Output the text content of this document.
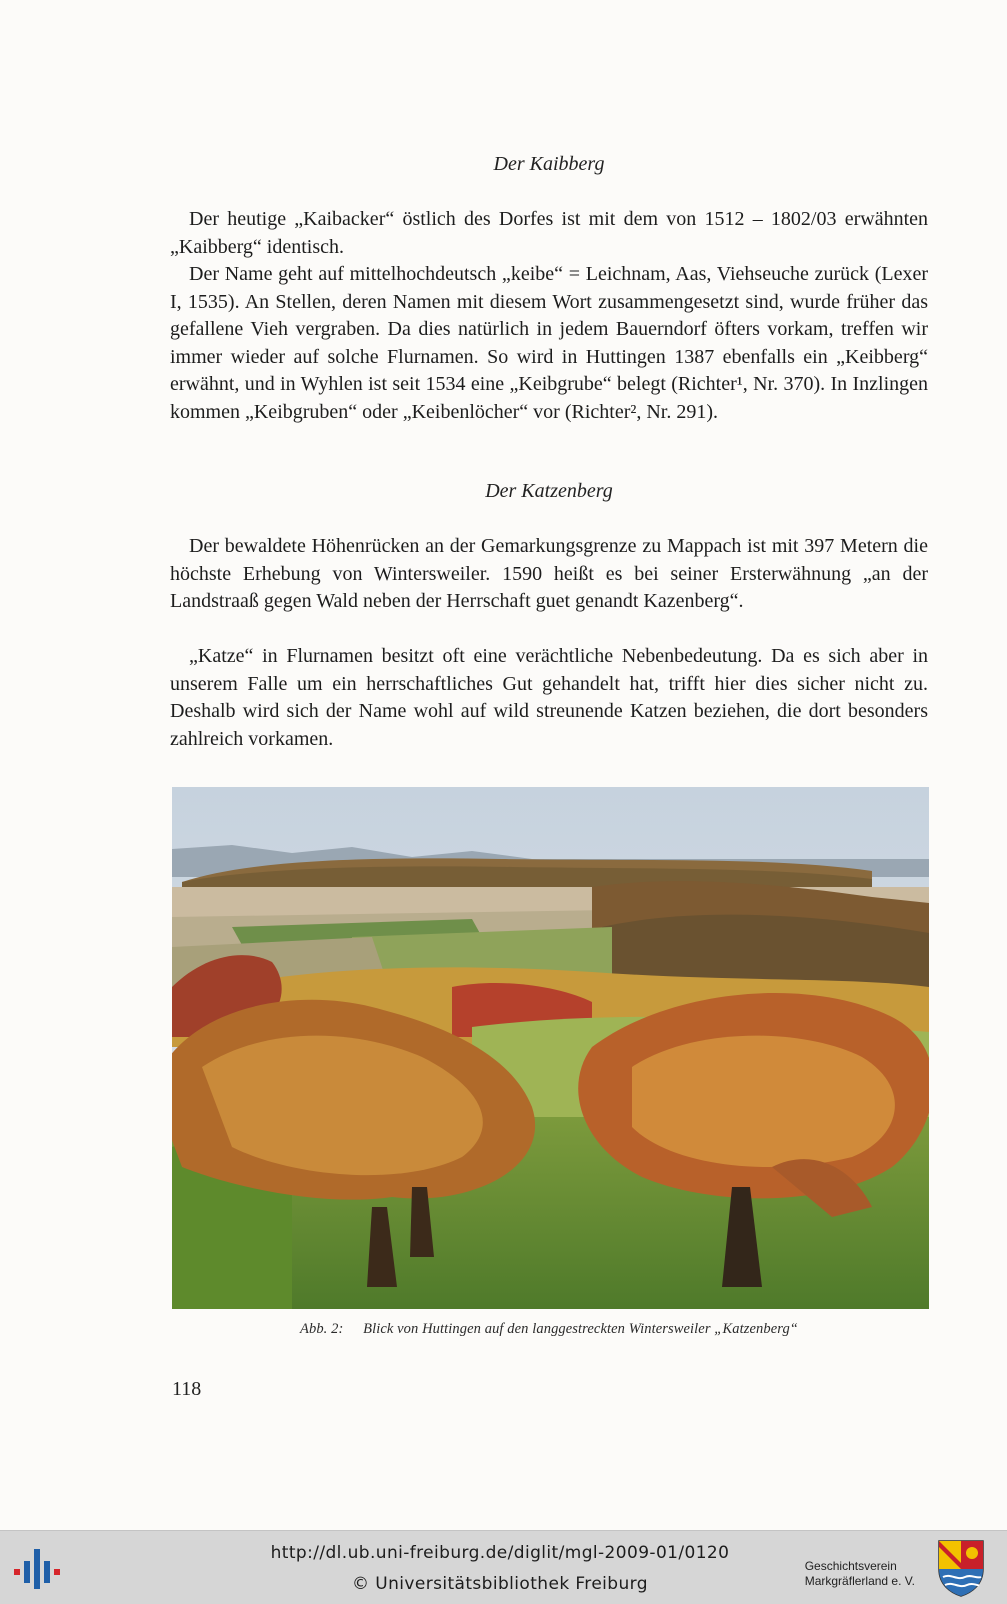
Der Kaibberg

Der heutige „Kaibacker“ östlich des Dorfes ist mit dem von 1512 – 1802/03 erwähnten „Kaibberg“ identisch.

Der Name geht auf mittelhochdeutsch „keibe“ = Leichnam, Aas, Viehseuche zurück (Lexer I, 1535). An Stellen, deren Namen mit diesem Wort zusammengesetzt sind, wurde früher das gefallene Vieh vergraben. Da dies natürlich in jedem Bauerndorf öfters vorkam, treffen wir immer wieder auf solche Flurnamen. So wird in Huttingen 1387 ebenfalls ein „Keibberg“ erwähnt, und in Wyhlen ist seit 1534 eine „Keibgrube“ belegt (Richter¹, Nr. 370). In Inzlingen kommen „Keibgruben“ oder „Keibenlöcher“ vor (Richter², Nr. 291).

Der Katzenberg

Der bewaldete Höhenrücken an der Gemarkungsgrenze zu Mappach ist mit 397 Metern die höchste Erhebung von Wintersweiler. 1590 heißt es bei seiner Ersterwähnung „an der Landstraaß gegen Wald neben der Herrschaft guet genandt Kazenberg“.

„Katze“ in Flurnamen besitzt oft eine verächtliche Nebenbedeutung. Da es sich aber in unserem Falle um ein herrschaftliches Gut gehandelt hat, trifft hier dies sicher nicht zu. Deshalb wird sich der Name wohl auf wild streunende Katzen beziehen, die dort besonders zahlreich vorkamen.

Abb. 2: Blick von Huttingen auf den langgestreckten Wintersweiler „Katzenberg“
118
http://dl.ub.uni-freiburg.de/diglit/mgl-2009-01/0120
© Universitätsbibliothek Freiburg
Geschichtsverein
Markgräflerland e. V.
